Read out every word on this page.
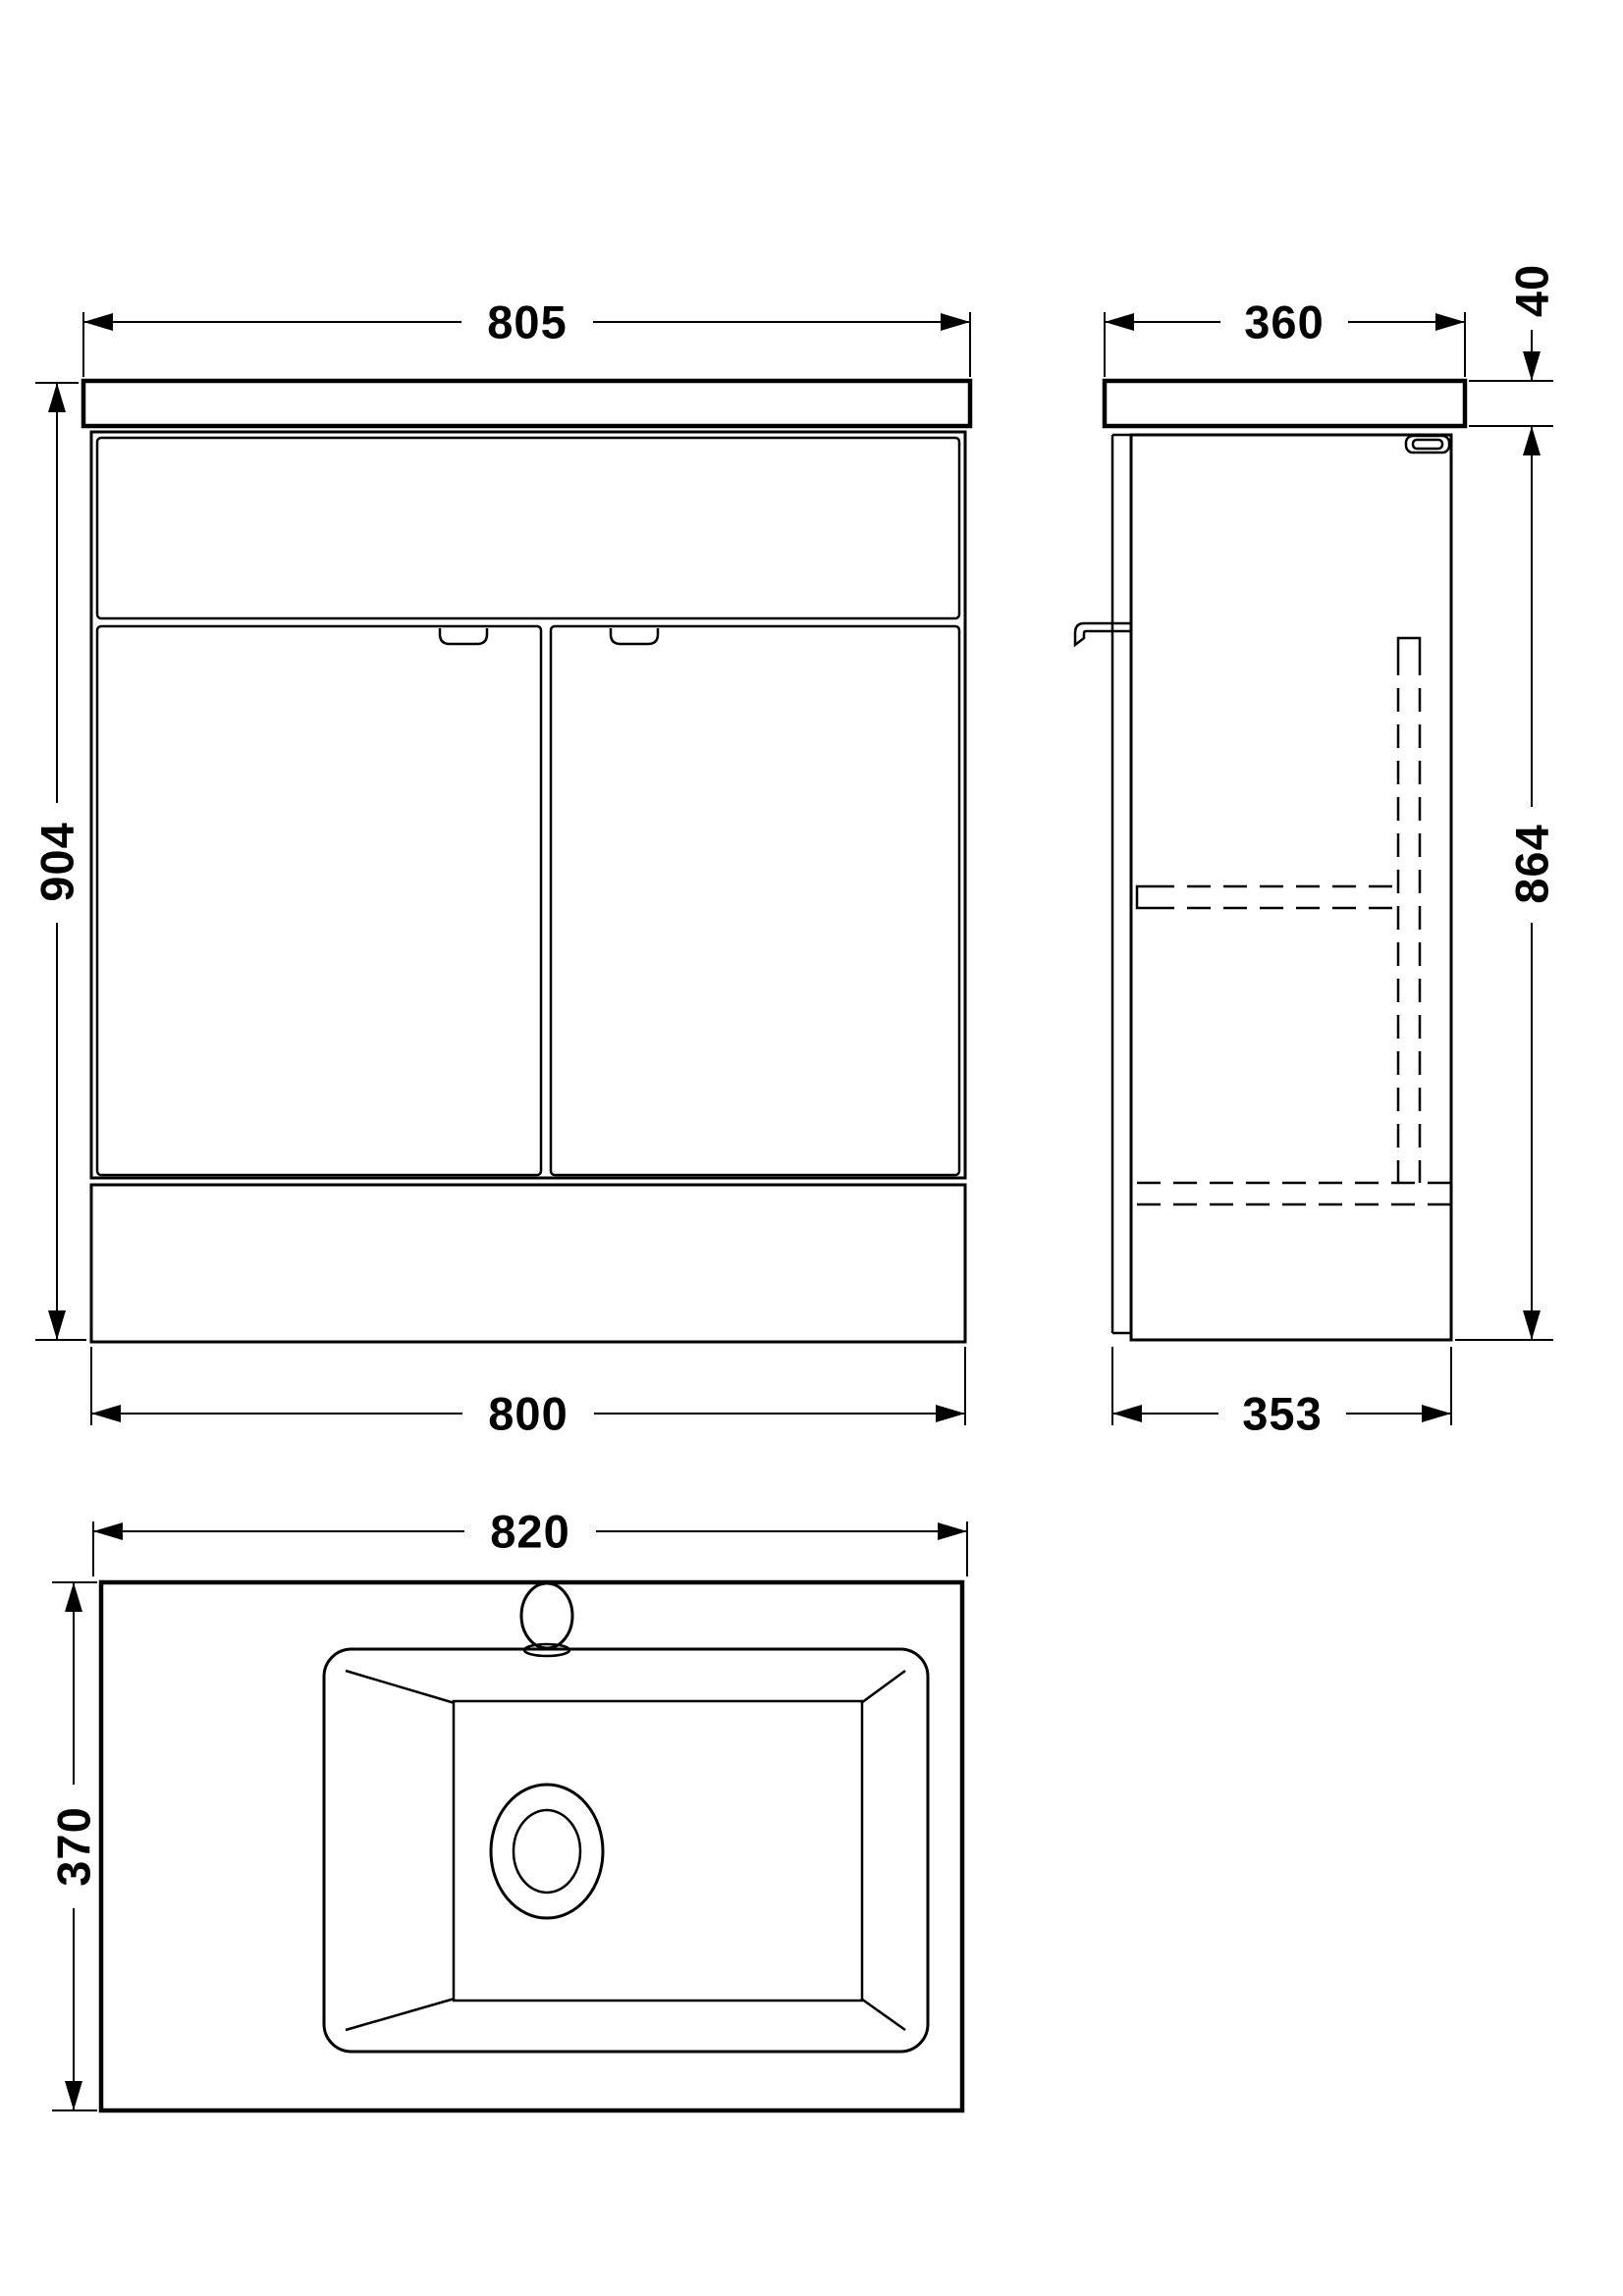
805
904
800
360
40
864
353
820
370
